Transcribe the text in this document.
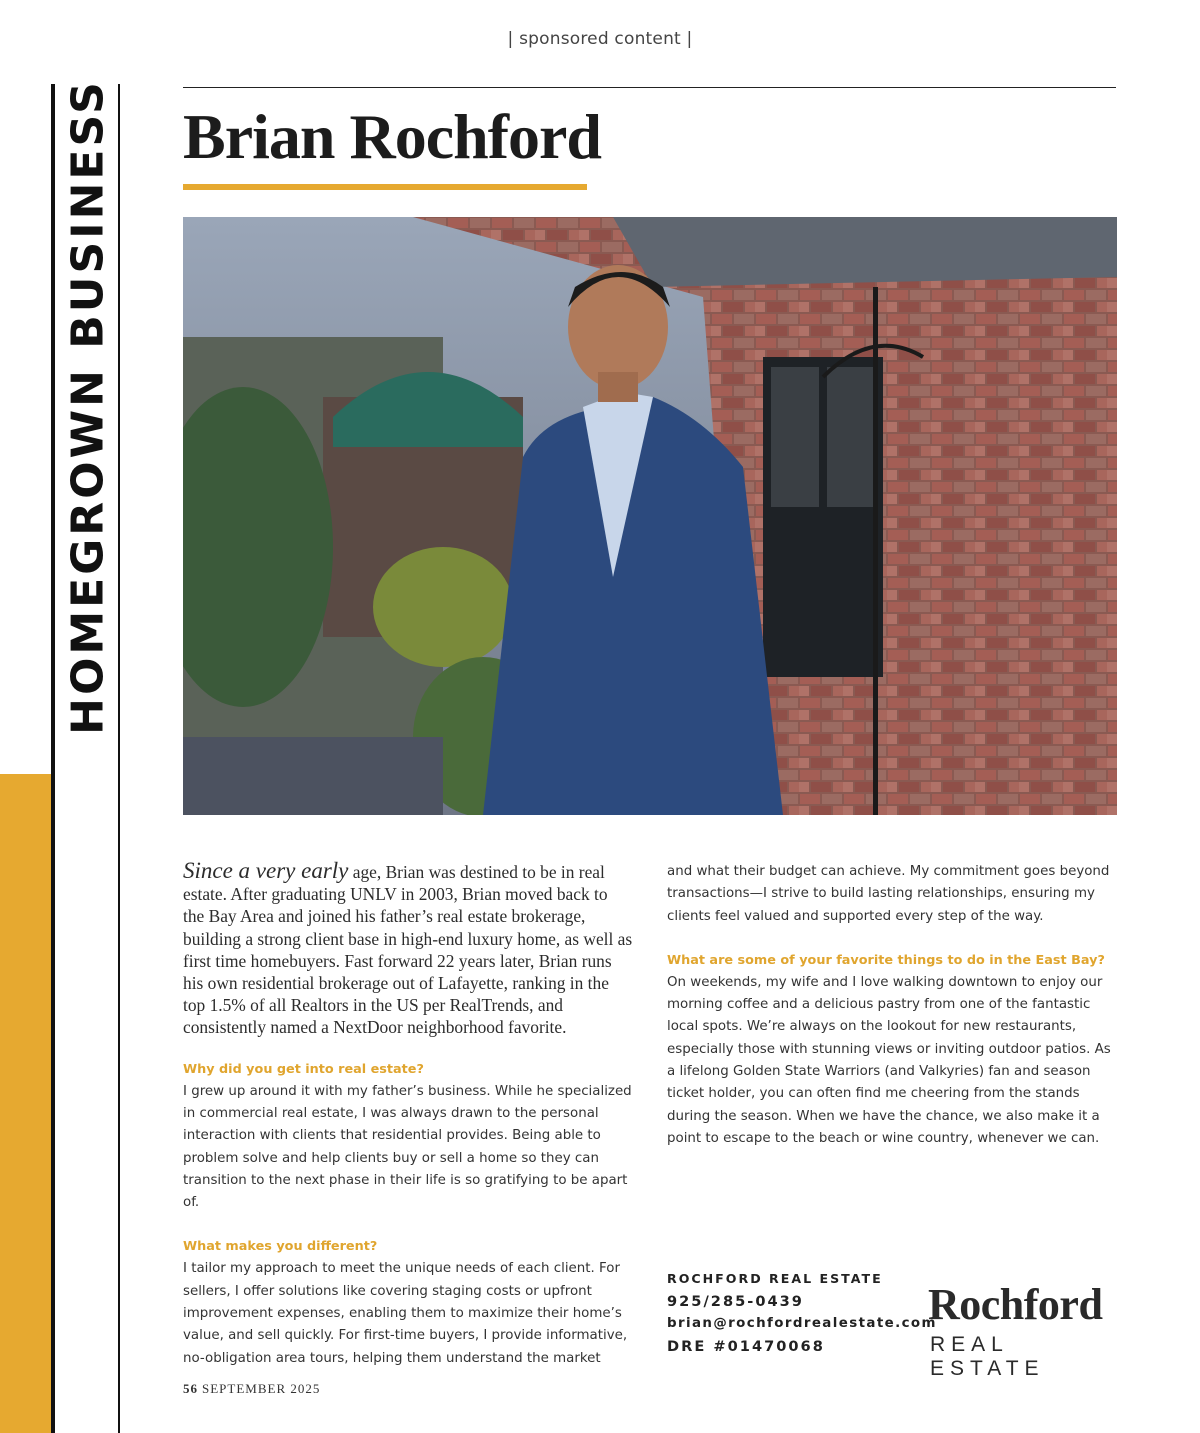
| sponsored content |
HOMEGROWN BUSINESS Brian Rochford

Since a very early age, Brian was destined to be in real estate. After graduating UNLV in 2003, Brian moved back to the Bay Area and joined his father’s real estate brokerage, building a strong client base in high-end luxury home, as well as first time homebuyers. Fast forward 22 years later, Brian runs his own residential brokerage out of Lafayette, ranking in the top 1.5% of all Realtors in the US per RealTrends, and consistently named a NextDoor neighborhood favorite.

Why did you get into real estate?

I grew up around it with my father’s business. While he specialized in commercial real estate, I was always drawn to the personal interaction with clients that residential provides. Being able to problem solve and help clients buy or sell a home so they can transition to the next phase in their life is so gratifying to be apart of.

What makes you different?

I tailor my approach to meet the unique needs of each client. For sellers, I offer solutions like covering staging costs or upfront improvement expenses, enabling them to maximize their home’s value, and sell quickly. For first-time buyers, I provide informative, no-obligation area tours, helping them understand the market

and what their budget can achieve. My commitment goes beyond transactions—I strive to build lasting relationships, ensuring my clients feel valued and supported every step of the way.

What are some of your favorite things to do in the East Bay?

On weekends, my wife and I love walking downtown to enjoy our morning coffee and a delicious pastry from one of the fantastic local spots. We’re always on the lookout for new restaurants, especially those with stunning views or inviting outdoor patios. As a lifelong Golden State Warriors (and Valkyries) fan and season ticket holder, you can often find me cheering from the stands during the season. When we have the chance, we also make it a point to escape to the beach or wine country, whenever we can.

ROCHFORD REAL ESTATE
925/285-0439
brian@rochfordrealestate.com
DRE #01470068
Rochford
REAL ESTATE
56 SEPTEMBER 2025
